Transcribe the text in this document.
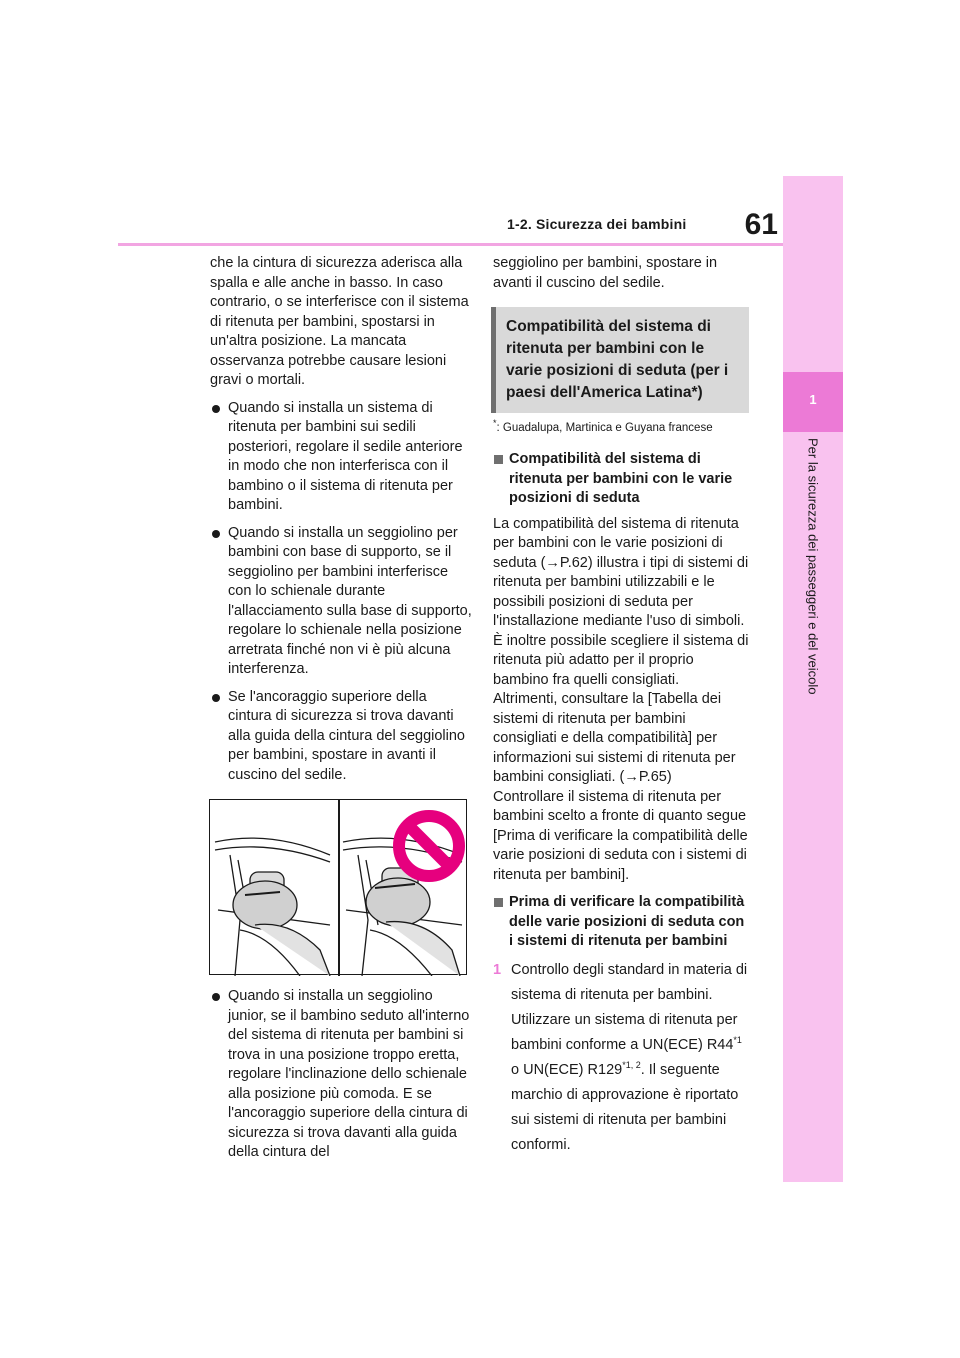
1-2. Sicurezza dei bambini	61
1
Per la sicurezza dei passeggeri e del veicolo

che la cintura di sicurezza aderisca alla spalla e alle anche in basso. In caso contrario, o se interferisce con il sistema di ritenuta per bambini, spostarsi in un'altra posizione. La mancata osservanza potrebbe causare lesioni gravi o mortali.

Quando si installa un sistema di ritenuta per bambini sui sedili posteriori, regolare il sedile anteriore in modo che non interferisca con il bambino o il sistema di ritenuta per bambini.
Quando si installa un seggiolino per bambini con base di supporto, se il seggiolino per bambini interferisce con lo schienale durante l'allacciamento sulla base di supporto, regolare lo schienale nella posizione arretrata finché non vi è più alcuna interferenza.
Se l'ancoraggio superiore della cintura di sicurezza si trova davanti alla guida della cintura del seggiolino per bambini, spostare in avanti il cuscino del sedile.
Quando si installa un seggiolino junior, se il bambino seduto all'interno del sistema di ritenuta per bambini si trova in una posizione troppo eretta, regolare l'inclinazione dello schienale alla posizione più comoda. E se l'ancoraggio superiore della cintura di sicurezza si trova davanti alla guida della cintura del

seggiolino per bambini, spostare in avanti il cuscino del sedile.

Compatibilità del sistema di ritenuta per bambini con le varie posizioni di seduta (per i paesi dell'America Latina*)

*: Guadalupa, Martinica e Guyana francese

Compatibilità del sistema di ritenuta per bambini con le varie posizioni di seduta

La compatibilità del sistema di ritenuta per bambini con le varie posizioni di seduta (→P.62) illustra i tipi di sistemi di ritenuta per bambini utilizzabili e le possibili posizioni di seduta per l'installazione mediante l'uso di simboli.

È inoltre possibile scegliere il sistema di ritenuta più adatto per il proprio bambino fra quelli consigliati.

Altrimenti, consultare la [Tabella dei sistemi di ritenuta per bambini consigliati e della compatibilità] per informazioni sui sistemi di ritenuta per bambini consigliati. (→P.65)

Controllare il sistema di ritenuta per bambini scelto a fronte di quanto segue [Prima di verificare la compatibilità delle varie posizioni di seduta con i sistemi di ritenuta per bambini].

Prima di verificare la compatibilità delle varie posizioni di seduta con i sistemi di ritenuta per bambini
1 Controllo degli standard in materia di sistema di ritenuta per bambini. Utilizzare un sistema di ritenuta per bambini conforme a UN(ECE) R44$^{*1}$ o UN(ECE) R129$^{*1, 2}$. Il seguente marchio di approvazione è riportato sui sistemi di ritenuta per bambini conformi.
